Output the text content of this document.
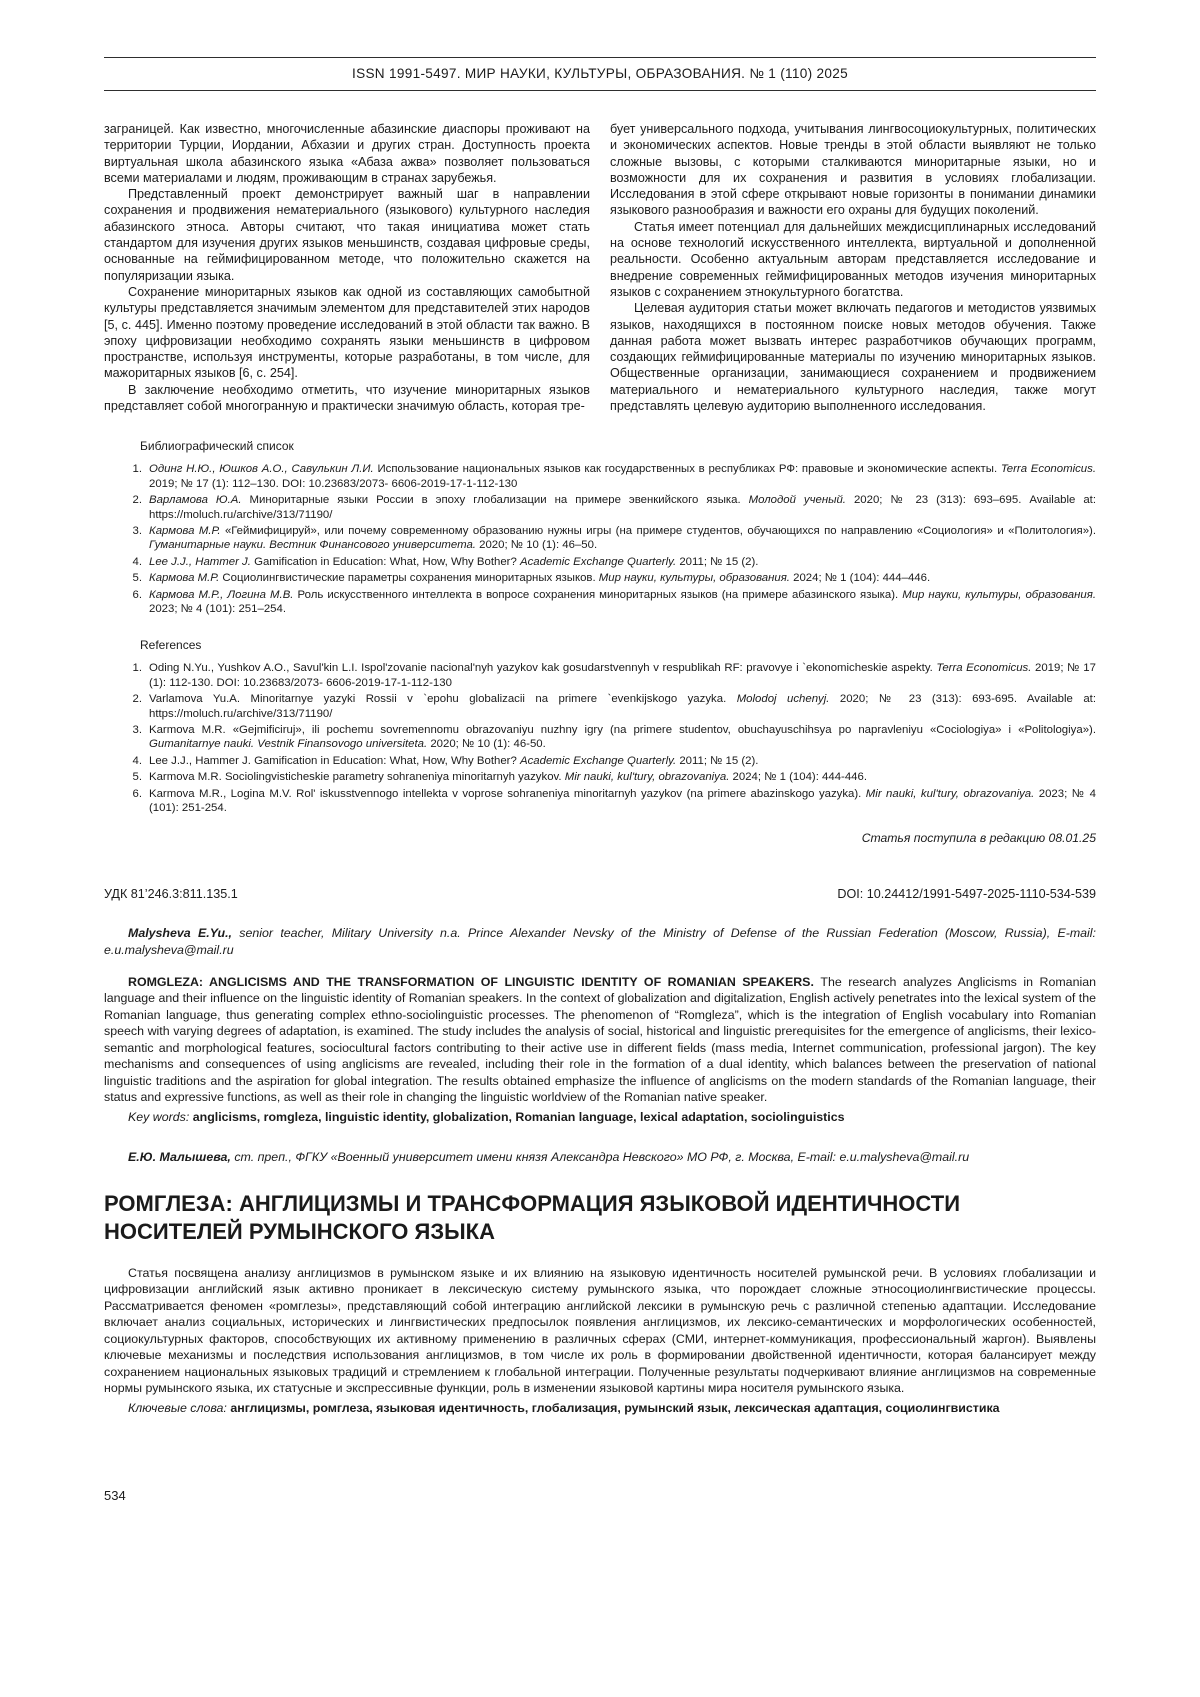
ISSN 1991-5497. МИР НАУКИ, КУЛЬТУРЫ, ОБРАЗОВАНИЯ. № 1 (110) 2025

заграницей. Как известно, многочисленные абазинские диаспоры проживают на территории Турции, Иордании, Абхазии и других стран. Доступность проекта виртуальная школа абазинского языка «Абаза ажва» позволяет пользоваться всеми материалами и людям, проживающим в странах зарубежья.

Представленный проект демонстрирует важный шаг в направлении сохранения и продвижения нематериального (языкового) культурного наследия абазинского этноса. Авторы считают, что такая инициатива может стать стандартом для изучения других языков меньшинств, создавая цифровые среды, основанные на геймифицированном методе, что положительно скажется на популяризации языка.

Сохранение миноритарных языков как одной из составляющих самобытной культуры представляется значимым элементом для представителей этих народов [5, с. 445]. Именно поэтому проведение исследований в этой области так важно. В эпоху цифровизации необходимо сохранять языки меньшинств в цифровом пространстве, используя инструменты, которые разработаны, в том числе, для мажоритарных языков [6, с. 254].

В заключение необходимо отметить, что изучение миноритарных языков представляет собой многогранную и практически значимую область, которая тре-

бует универсального подхода, учитывания лингвосоциокультурных, политических и экономических аспектов. Новые тренды в этой области выявляют не только сложные вызовы, с которыми сталкиваются миноритарные языки, но и возможности для их сохранения и развития в условиях глобализации. Исследования в этой сфере открывают новые горизонты в понимании динамики языкового разнообразия и важности его охраны для будущих поколений.

Статья имеет потенциал для дальнейших междисциплинарных исследований на основе технологий искусственного интеллекта, виртуальной и дополненной реальности. Особенно актуальным авторам представляется исследование и внедрение современных геймифицированных методов изучения миноритарных языков с сохранением этнокультурного богатства.

Целевая аудитория статьи может включать педагогов и методистов уязвимых языков, находящихся в постоянном поиске новых методов обучения. Также данная работа может вызвать интерес разработчиков обучающих программ, создающих геймифицированные материалы по изучению миноритарных языков. Общественные организации, занимающиеся сохранением и продвижением материального и нематериального культурного наследия, также могут представлять целевую аудиторию выполненного исследования.

Библиографический список
1. Одинг Н.Ю., Юшков А.О., Савулькин Л.И. Использование национальных языков как государственных в республиках РФ: правовые и экономические аспекты. Terra Economicus. 2019; № 17 (1): 112–130. DOI: 10.23683/2073- 6606-2019-17-1-112-130
2. Варламова Ю.А. Миноритарные языки России в эпоху глобализации на примере эвенкийского языка. Молодой ученый. 2020; № 23 (313): 693–695. Available at: https://moluch.ru/archive/313/71190/
3. Кармова М.Р. «Геймифицируй», или почему современному образованию нужны игры (на примере студентов, обучающихся по направлению «Социология» и «Политология»). Гуманитарные науки. Вестник Финансового университета. 2020; № 10 (1): 46–50.
4. Lee J.J., Hammer J. Gamification in Education: What, How, Why Bother? Academic Exchange Quarterly. 2011; № 15 (2).
5. Кармова М.Р. Социолингвистические параметры сохранения миноритарных языков. Мир науки, культуры, образования. 2024; № 1 (104): 444–446.
6. Кармова М.Р., Логина М.В. Роль искусственного интеллекта в вопросе сохранения миноритарных языков (на примере абазинского языка). Мир науки, культуры, образования. 2023; № 4 (101): 251–254.
References
1. Oding N.Yu., Yushkov A.O., Savul'kin L.I. Ispol'zovanie nacional'nyh yazykov kak gosudarstvennyh v respublikah RF: pravovye i `ekonomicheskie aspekty. Terra Economicus. 2019; № 17 (1): 112-130. DOI: 10.23683/2073- 6606-2019-17-1-112-130
2. Varlamova Yu.A. Minoritarnye yazyki Rossii v `epohu globalizacii na primere `evenkijskogo yazyka. Molodoj uchenyj. 2020; № 23 (313): 693-695. Available at: https://moluch.ru/archive/313/71190/
3. Karmova M.R. «Gejmificiruj», ili pochemu sovremennomu obrazovaniyu nuzhny igry (na primere studentov, obuchayuschihsya po napravleniyu «Cociologiya» i «Politologiya»). Gumanitarnye nauki. Vestnik Finansovogo universiteta. 2020; № 10 (1): 46-50.
4. Lee J.J., Hammer J. Gamification in Education: What, How, Why Bother? Academic Exchange Quarterly. 2011; № 15 (2).
5. Karmova M.R. Sociolingvisticheskie parametry sohraneniya minoritarnyh yazykov. Mir nauki, kul'tury, obrazovaniya. 2024; № 1 (104): 444-446.
6. Karmova M.R., Logina M.V. Rol' iskusstvennogo intellekta v voprose sohraneniya minoritarnyh yazykov (na primere abazinskogo yazyka). Mir nauki, kul'tury, obrazovaniya. 2023; № 4 (101): 251-254.
Статья поступила в редакцию 08.01.25
УДК 81’246.3:811.135.1	DOI: 10.24412/1991-5497-2025-1110-534-539

Malysheva E.Yu., senior teacher, Military University n.a. Prince Alexander Nevsky of the Ministry of Defense of the Russian Federation (Moscow, Russia), E-mail: e.u.malysheva@mail.ru

ROMGLEZA: ANGLICISMS AND THE TRANSFORMATION OF LINGUISTIC IDENTITY OF ROMANIAN SPEAKERS. The research analyzes Anglicisms in Romanian language and their influence on the linguistic identity of Romanian speakers. In the context of globalization and digitalization, English actively penetrates into the lexical system of the Romanian language, thus generating complex ethno-sociolinguistic processes. The phenomenon of “Romgleza”, which is the integration of English vocabulary into Romanian speech with varying degrees of adaptation, is examined. The study includes the analysis of social, historical and linguistic prerequisites for the emergence of anglicisms, their lexico-semantic and morphological features, sociocultural factors contributing to their active use in different fields (mass media, Internet communication, professional jargon). The key mechanisms and consequences of using anglicisms are revealed, including their role in the formation of a dual identity, which balances between the preservation of national linguistic traditions and the aspiration for global integration. The results obtained emphasize the influence of anglicisms on the modern standards of the Romanian language, their status and expressive functions, as well as their role in changing the linguistic worldview of the Romanian native speaker.

Key words: anglicisms, romgleza, linguistic identity, globalization, Romanian language, lexical adaptation, sociolinguistics

Е.Ю. Малышева, ст. преп., ФГКУ «Военный университет имени князя Александра Невского» МО РФ, г. Москва, E-mail: e.u.malysheva@mail.ru

РОМГЛЕЗА: АНГЛИЦИЗМЫ И ТРАНСФОРМАЦИЯ ЯЗЫКОВОЙ ИДЕНТИЧНОСТИ
НОСИТЕЛЕЙ РУМЫНСКОГО ЯЗЫКА

Статья посвящена анализу англицизмов в румынском языке и их влиянию на языковую идентичность носителей румынской речи. В условиях глобализации и цифровизации английский язык активно проникает в лексическую систему румынского языка, что порождает сложные этносоциолингвистические процессы. Рассматривается феномен «ромглезы», представляющий собой интеграцию английской лексики в румынскую речь с различной степенью адаптации. Исследование включает анализ социальных, исторических и лингвистических предпосылок появления англицизмов, их лексико-семантических и морфологических особенностей, социокультурных факторов, способствующих их активному применению в различных сферах (СМИ, интернет-коммуникация, профессиональный жаргон). Выявлены ключевые механизмы и последствия использования англицизмов, в том числе их роль в формировании двойственной идентичности, которая балансирует между сохранением национальных языковых традиций и стремлением к глобальной интеграции. Полученные результаты подчеркивают влияние англицизмов на современные нормы румынского языка, их статусные и экспрессивные функции, роль в изменении языковой картины мира носителя румынского языка.

Ключевые слова: англицизмы, ромглеза, языковая идентичность, глобализация, румынский язык, лексическая адаптация, социолингвистика

534
